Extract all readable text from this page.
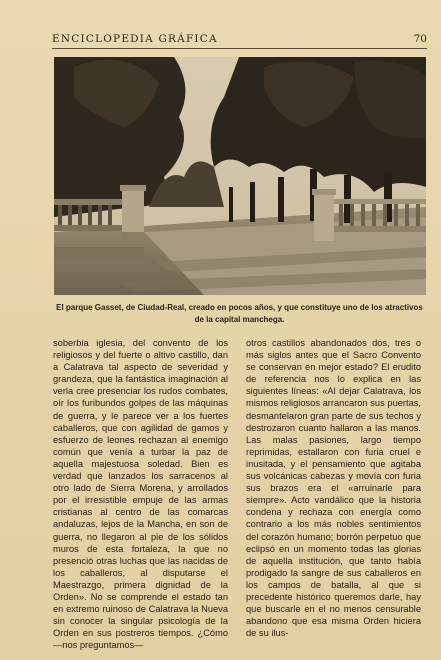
ENCICLOPEDIA GRÁFICA	70
El parque Gasset, de Ciudad-Real, creado en pocos años, y que constituye uno de los atractivos de la capital manchega.

soberbia iglesia, del convento de los religiosos y del fuerte o altivo castillo, dan a Calatrava tal aspecto de severidad y grandeza, que la fantástica imaginación al verla cree presenciar los rudos combates, oír los furibundos golpes de las máquinas de guerra, y le parece ver a los fuertes caballeros, que con agilidad de gamos y esfuerzo de leones rechazan al enemigo común que venía a turbar la paz de aquella majestuosa soledad. Bien es verdad que lanzados los sarracenos al otro lado de Sierra Morena, y arrollados por el irresistible empuje de las armas cristianas al centro de las comarcas andaluzas, lejos de la Mancha, en son de guerra, no llegaron al pie de los sólidos muros de esta fortaleza, la que no presenció otras luchas que las nacidas de los caballeros, al disputarse el Maestrazgo, primera dignidad de la Orden». No se comprende el estado tan en extremo ruinoso de Calatrava la Nueva sin conocer la singular psicología de la Orden en sus postreros tiempos. ¿Cómo—nos preguntamos—

otros castillos abandonados dos, tres o más siglos antes que el Sacro Convento se conservan en mejor estado? El erudito de referencia nos lo explica en las siguientes líneas: «Al dejar Calatrava, los mismos religiosos arrancaron sus puertas, desmantelaron gran parte de sus techos y destrozaron cuanto hallaron a las manos. Las malas pasiones, largo tiempo reprimidas, estallaron con furia cruel e inusitada, y el pensamiento que agitaba sus volcánicas cabezas y movía con furia sus brazos era el «arruinarle para siempre». Acto vandálico que la historia condena y rechaza con energía como contrario a los más nobles sentimientos del corazón humano; borrón perpetuo que eclipsó en un momento todas las glorias de aquella institución, que tanto había prodigado la sangre de sus caballeros en los campos de batalla, al que si precedente histórico queremos darle, hay que buscarle en el no menos censurable abandono que esa misma Orden hiciera de su ilus-
